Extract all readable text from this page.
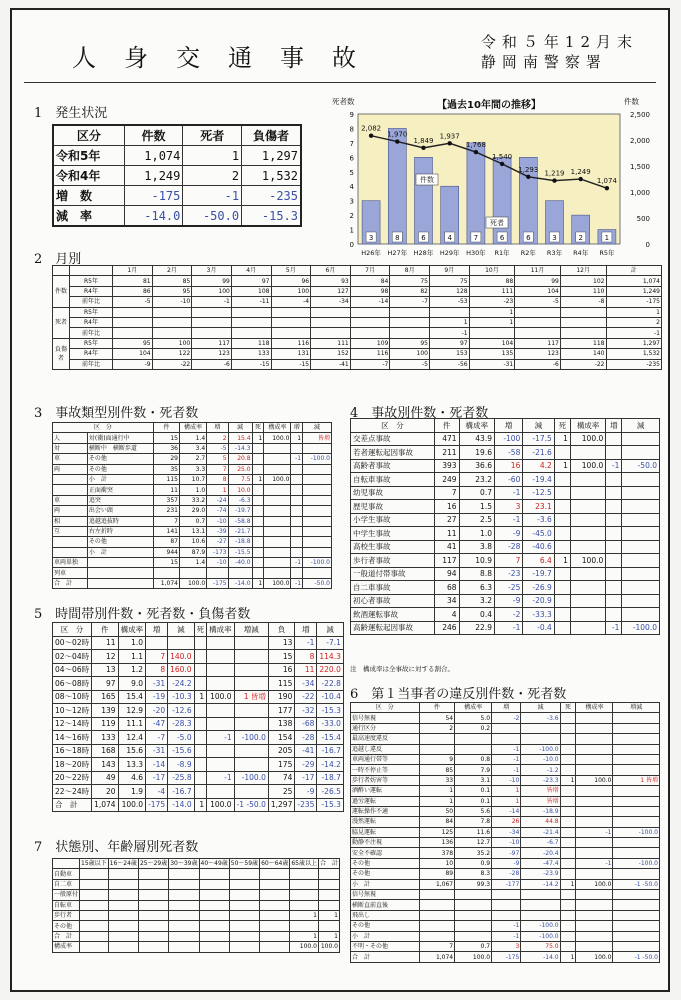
人身交通事故
令和５年12月末
静岡南警察署
1　発生状況
区分	件数	死者	負傷者
令和5年	1,074	1	1,297
令和4年	1,249	2	1,532
増　数	-175	-1	-235
減　率	-14.0	-50.0	-15.3
【過去10年間の推移】
死者数	件数
0
1
2
3
4
5
6
7
8
9
0
500
1,000
1,500
2,000
2,500
3
H26年
8
H27年
6
H28年
4
H29年
7
H30年
6
R1年
6
R2年
3
R3年
2
R4年
1
R5年
2,082
1,970
1,849
1,937
1,768
1,540
1,293 1,219 1,249
1,074
件数
死者
2　月別
		1月	2月	3月	4月	5月	6月	7月	8月	9月	10月	11月	12月	計
件数	R5年	81	85	99	97	96	93	84	75	75	88	99	102	1,074
	R4年	86	95	100	108	100	127	98	82	128	111	104	110	1,249
	前年比	-5	-10	-1	-11	-4	-34	-14	-7	-53	-23	-5	-8	-175
死者	R5年										1			1
	R4年									1	1			2
	前年比									-1				-1
負傷者	R5年	95	100	117	118	116	111	109	95	97	104	117	118	1,297
	R4年	104	122	123	133	131	152	116	100	153	135	123	140	1,532
	前年比	-9	-22	-6	-15	-15	-41	-7	-5	-56	-31	-6	-22	-235
3　事故類型別件数・死者数
区　分		件	構成率	増	減	死	構成率	増	減
人	対(衝)面通行中	15	1.4	2	15.4	1	100.0	1	皆増
対	横断中　横断歩道	36	3.4	-5	-14.3				
車	その他	29	2.7	5	20.8			-1	-100.0
両	その他	35	3.3	7	25.0				
	小　計	115	10.7	8	7.5	1	100.0		
	正面衝突	11	1.0	1	10.0				
車	追突	357	33.2	-24	-6.3				
両	出会い頭	231	29.0	-74	-19.7				
相	追越追抜時	7	0.7	-10	-58.8				
互	右左折時	141	13.1	-39	-21.7				
	その他	87	10.6	-27	-18.8				
	小　計	944	87.9	-173	-15.5				
車両単独		15	1.4	-10	-40.0			-1	-100.0
列車									
合　計		1,074	100.0	-175	-14.0	1	100.0	-1	-50.0
4　事故別件数・死者数
区　分	件	構成率	増	減	死	構成率	増	減
交差点事故	471	43.9	-100	-17.5	1	100.0		
若者運転起因事故	211	19.6	-58	-21.6				
高齢者事故	393	36.6	16	4.2	1	100.0	-1	-50.0
自転車事故	249	23.2	-60	-19.4				
幼児事故	7	0.7	-1	-12.5				
歴児事故	16	1.5	3	23.1				
小学生事故	27	2.5	-1	-3.6				
中学生事故	11	1.0	-9	-45.0				
高校生事故	41	3.8	-28	-40.6				
歩行者事故	117	10.9	7	6.4	1	100.0		
一般道付帯事故	94	8.8	-23	-19.7				
自二車事故	68	6.3	-25	-26.9				
初心者事故	34	3.2	-9	-20.9				
飲酒運転事故	4	0.4	-2	-33.3				
高齢運転起因事故	246	22.9	-1	-0.4			-1	-100.0
注　構成率は全事故に対する割合。
5　時間帯別件数・死者数・負傷者数
区　分	件	構成率	増	減	死	構成率	増減	負	増	減
00～02時	11	1.0						13	-1	-7.1
02～04時	12	1.1	7	140.0				15	8	114.3
04～06時	13	1.2	8	160.0				16	11	220.0
06～08時	97	9.0	-31	-24.2				115	-34	-22.8
08～10時	165	15.4	-19	-10.3	1	100.0	1 皆増	190	-22	-10.4
10～12時	139	12.9	-20	-12.6				177	-32	-15.3
12～14時	119	11.1	-47	-28.3				138	-68	-33.0
14～16時	133	12.4	-7	-5.0		-1	-100.0	154	-28	-15.4
16～18時	168	15.6	-31	-15.6				205	-41	-16.7
18～20時	143	13.3	-14	-8.9				175	-29	-14.2
20～22時	49	4.6	-17	-25.8		-1	-100.0	74	-17	-18.7
22～24時	20	1.9	-4	-16.7				25	-9	-26.5
合　計	1,074	100.0	-175	-14.0	1	100.0	-1 -50.0	1,297	-235	-15.3
6　第１当事者の違反別件数・死者数
区　分	件	構成率	増	減	死	構成率	増減
信号無視	54	5.0	-2	-3.6			
通行区分	2	0.2					
最高速度違反							
追越し違反			-1	-100.0			
車両通行帯等	9	0.8	-1	-10.0			
一時不停止等	85	7.9	-1	-1.2			
歩行者妨害等	33	3.1	-10	-23.3	1	100.0	1 皆増
酒酔い運転	1	0.1	1	皆増			
過労運転	1	0.1	1	皆増			
運転操作不適	50	5.6	-14	-18.9			
漫然運転	84	7.8	26	44.8			
脇見運転	125	11.6	-34	-21.4		-1	-100.0
動静不注視	136	12.7	-10	-6.7			
安全不確認	378	35.2	-97	-20.4			
その他	10	0.9	-9	-47.4		-1	-100.0
その他	89	8.3	-28	-23.9			
小　計	1,067	99.3	-177	-14.2	1	100.0	-1 -50.0
信号無視							
横断直前直後							
飛出し							
その他			-1	-100.0			
小　計			-1	-100.0			
不明・その他	7	0.7	3	75.0			
合　計	1,074	100.0	-175	-14.0	1	100.0	-1 -50.0
7　状態別、年齢層別死者数
	15歳以下	16～24歳	25～29歳	30～39歳	40～49歳	50～59歳	60～64歳	65歳以上	合　計
自動車									
自二車									
一般原付									
自転車									
歩行者								1	1
その他									
合　計								1	1
構成率								100.0	100.0
